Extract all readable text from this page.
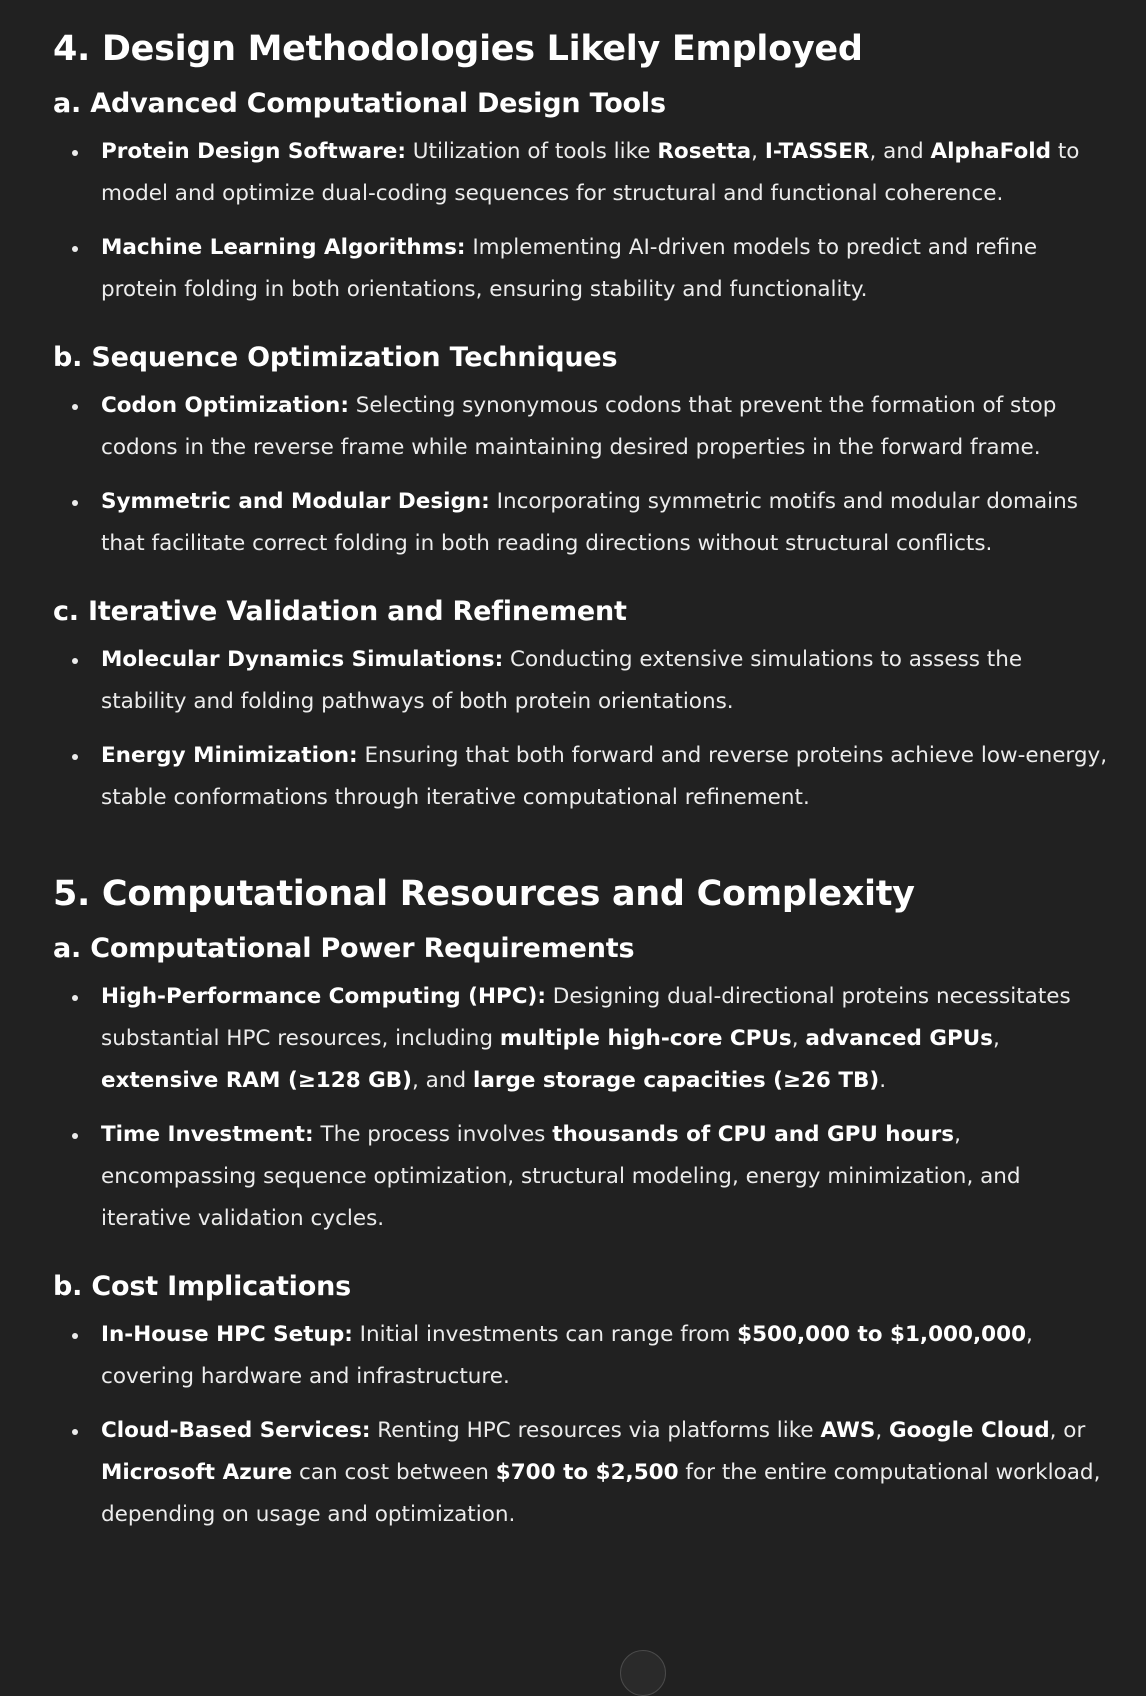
4. Design Methodologies Likely Employed
a. Advanced Computational Design Tools
Protein Design Software: Utilization of tools like Rosetta, I-TASSER, and AlphaFold to model and optimize dual-coding sequences for structural and functional coherence.
Machine Learning Algorithms: Implementing AI-driven models to predict and refine protein folding in both orientations, ensuring stability and functionality.
b. Sequence Optimization Techniques
Codon Optimization: Selecting synonymous codons that prevent the formation of stop codons in the reverse frame while maintaining desired properties in the forward frame.
Symmetric and Modular Design: Incorporating symmetric motifs and modular domains that facilitate correct folding in both reading directions without structural conflicts.
c. Iterative Validation and Refinement
Molecular Dynamics Simulations: Conducting extensive simulations to assess the stability and folding pathways of both protein orientations.
Energy Minimization: Ensuring that both forward and reverse proteins achieve low-energy, stable conformations through iterative computational refinement.
5. Computational Resources and Complexity
a. Computational Power Requirements
High-Performance Computing (HPC): Designing dual-directional proteins necessitates substantial HPC resources, including multiple high-core CPUs, advanced GPUs, extensive RAM (≥128 GB), and large storage capacities (≥26 TB).
Time Investment: The process involves thousands of CPU and GPU hours, encompassing sequence optimization, structural modeling, energy minimization, and iterative validation cycles.
b. Cost Implications
In-House HPC Setup: Initial investments can range from $500,000 to $1,000,000, covering hardware and infrastructure.
Cloud-Based Services: Renting HPC resources via platforms like AWS, Google Cloud, or Microsoft Azure can cost between $700 to $2,500 for the entire computational workload, depending on usage and optimization.
